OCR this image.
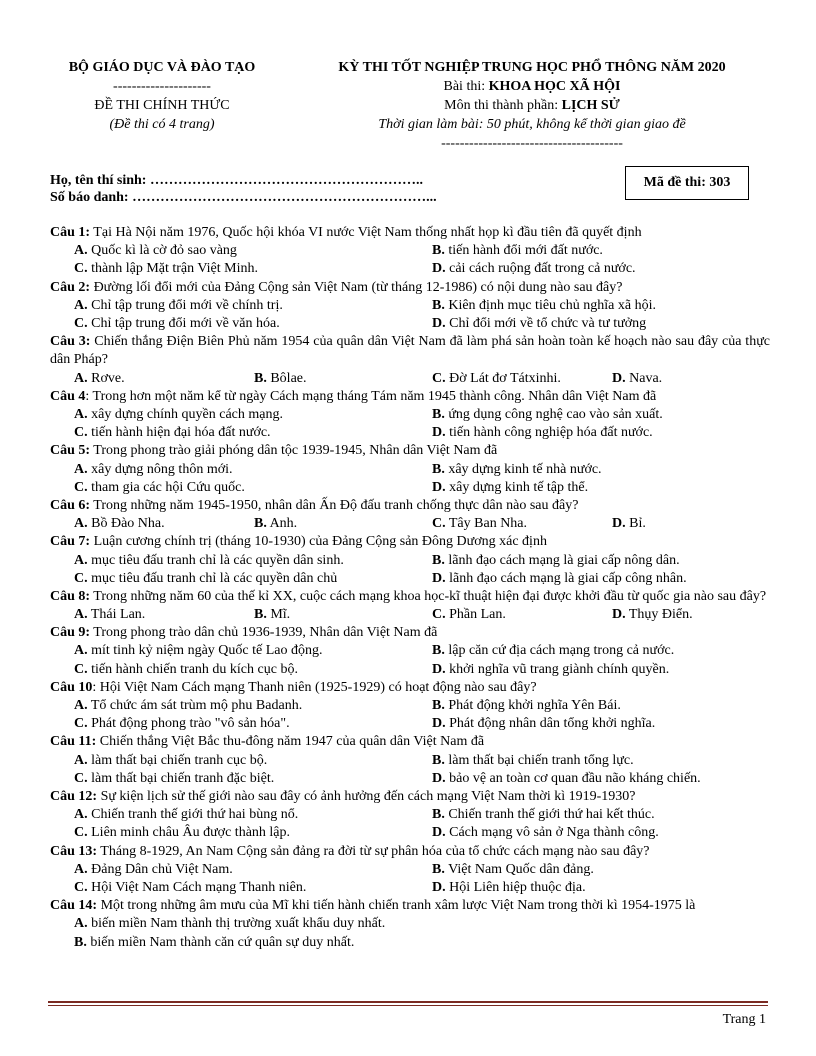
BỘ GIÁO DỤC VÀ ĐÀO TẠO
---------------------
ĐỀ THI CHÍNH THỨC
(Đề thi có 4 trang)
KỲ THI TỐT NGHIỆP TRUNG HỌC PHỔ THÔNG NĂM 2020
Bài thi: KHOA HỌC XÃ HỘI
Môn thi thành phần: LỊCH SỬ
Thời gian làm bài: 50 phút, không kể thời gian giao đề
---------------------------------------
Họ, tên thí sinh: …………………………………………………..
Số báo danh: ………………………………………………………...
Mã đề thi: 303
Câu 1: Tại Hà Nội năm 1976, Quốc hội khóa VI nước Việt Nam thống nhất họp kì đầu tiên đã quyết định
A. Quốc kì là cờ đỏ sao vàng	B. tiến hành đổi mới đất nước.
C. thành lập Mặt trận Việt Minh.	D. cải cách ruộng đất trong cả nước.
Câu 2: Đường lối đổi mới của Đảng Cộng sản Việt Nam (từ tháng 12-1986) có nội dung nào sau đây?
A. Chỉ tập trung đổi mới về chính trị.	B. Kiên định mục tiêu chủ nghĩa xã hội.
C. Chỉ tập trung đổi mới về văn hóa.	D. Chỉ đổi mới về tổ chức và tư tưởng
Câu 3: Chiến thắng Điện Biên Phủ năm 1954 của quân dân Việt Nam đã làm phá sản hoàn toàn kế hoạch nào sau đây của thực dân Pháp?
A. Rơve.	B. Bôlae.	C. Đờ Lát đơ Tátxinhi.	D. Nava.
Câu 4: Trong hơn một năm kể từ ngày Cách mạng tháng Tám năm 1945 thành công. Nhân dân Việt Nam đã
A. xây dựng chính quyền cách mạng.	B. ứng dụng công nghệ cao vào sản xuất.
C. tiến hành hiện đại hóa đất nước.	D. tiến hành công nghiệp hóa đất nước.
Câu 5: Trong phong trào giải phóng dân tộc 1939-1945, Nhân dân Việt Nam đã
A. xây dựng nông thôn mới.	B. xây dựng kinh tế nhà nước.
C. tham gia các hội Cứu quốc.	D. xây dựng kinh tế tập thể.
Câu 6: Trong những năm 1945-1950, nhân dân Ấn Độ đấu tranh chống thực dân nào sau đây?
A. Bồ Đào Nha.	B. Anh.	C. Tây Ban Nha.	D. Bỉ.
Câu 7: Luận cương chính trị (tháng 10-1930) của Đảng Cộng sản Đông Dương xác định
A. mục tiêu đấu tranh chỉ là các quyền dân sinh.	B. lãnh đạo cách mạng là giai cấp nông dân.
C. mục tiêu đấu tranh chỉ là các quyền dân chủ	D. lãnh đạo cách mạng là giai cấp công nhân.
Câu 8: Trong những năm 60 của thế kỉ XX, cuộc cách mạng khoa học-kĩ thuật hiện đại được khởi đầu từ quốc gia nào sau đây?
A. Thái Lan.	B. Mĩ.	C. Phần Lan.	D. Thụy Điển.
Câu 9: Trong phong trào dân chủ 1936-1939, Nhân dân Việt Nam đã
A. mít tinh kỷ niệm ngày Quốc tế Lao động.	B. lập căn cứ địa cách mạng trong cả nước.
C. tiến hành chiến tranh du kích cục bộ.	D. khởi nghĩa vũ trang giành chính quyền.
Câu 10: Hội Việt Nam Cách mạng Thanh niên (1925-1929) có hoạt động nào sau đây?
A. Tổ chức ám sát trùm mộ phu Badanh.	B. Phát động khởi nghĩa Yên Bái.
C. Phát động phong trào "vô sản hóa".	D. Phát động nhân dân tổng khởi nghĩa.
Câu 11: Chiến thắng Việt Bắc thu-đông năm 1947 của quân dân Việt Nam đã
A. làm thất bại chiến tranh cục bộ.	B. làm thất bại chiến tranh tổng lực.
C. làm thất bại chiến tranh đặc biệt.	D. bảo vệ an toàn cơ quan đầu não kháng chiến.
Câu 12: Sự kiện lịch sử thế giới nào sau đây có ảnh hưởng đến cách mạng Việt Nam thời kì 1919-1930?
A. Chiến tranh thế giới thứ hai bùng nổ.	B. Chiến tranh thế giới thứ hai kết thúc.
C. Liên minh châu Âu được thành lập.	D. Cách mạng vô sản ở Nga thành công.
Câu 13: Tháng 8-1929, An Nam Cộng sản đảng ra đời từ sự phân hóa của tổ chức cách mạng nào sau đây?
A. Đảng Dân chủ Việt Nam.	B. Việt Nam Quốc dân đảng.
C. Hội Việt Nam Cách mạng Thanh niên.	D. Hội Liên hiệp thuộc địa.
Câu 14: Một trong những âm mưu của Mĩ khi tiến hành chiến tranh xâm lược Việt Nam trong thời kì 1954-1975 là
A. biến miền Nam thành thị trường xuất khẩu duy nhất.
B. biến miền Nam thành căn cứ quân sự duy nhất.
Trang 1
